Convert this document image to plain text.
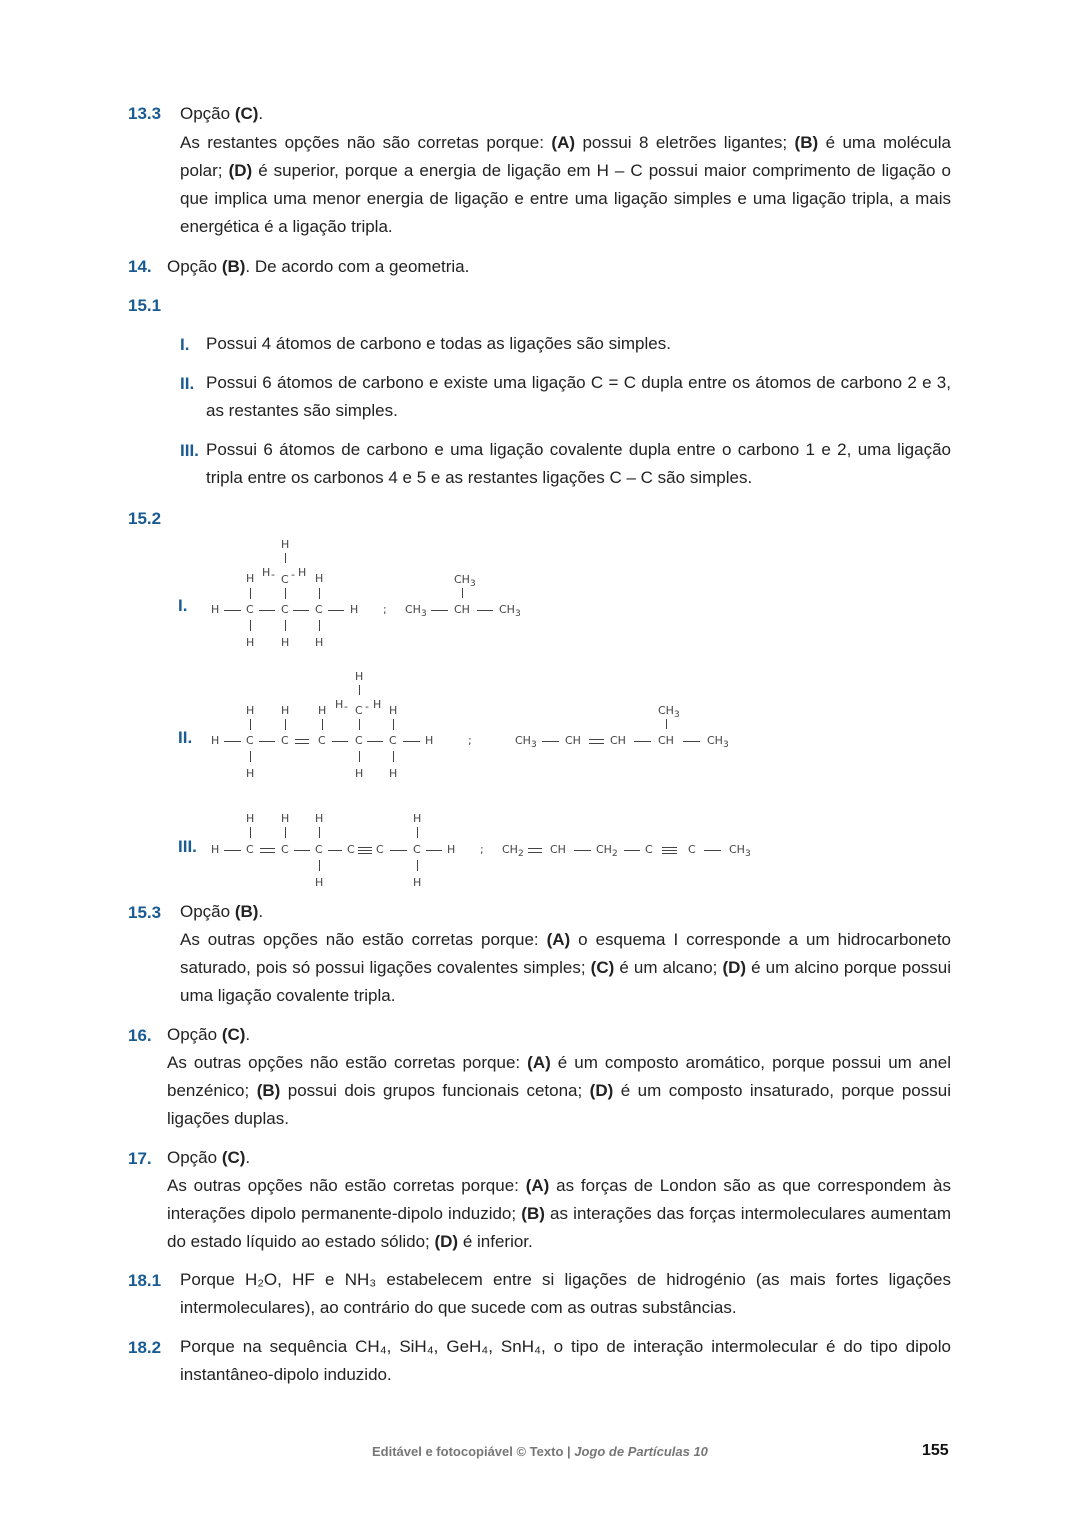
13.3 Opção (C).
As restantes opções não são corretas porque: (A) possui 8 eletrões ligantes; (B) é uma molécula polar; (D) é superior, porque a energia de ligação em H – C possui maior comprimento de ligação o que implica uma menor energia de ligação e entre uma ligação simples e uma ligação tripla, a mais energética é a ligação tripla.
14. Opção (B). De acordo com a geometria.
15.1
I. Possui 4 átomos de carbono e todas as ligações são simples.
II. Possui 6 átomos de carbono e existe uma ligação C = C dupla entre os átomos de carbono 2 e 3, as restantes são simples.
III. Possui 6 átomos de carbono e uma ligação covalente dupla entre o carbono 1 e 2, uma ligação tripla entre os carbonos 4 e 5 e as restantes ligações C – C são simples.
15.2
I.
H
H - C - H
H	H
H C C C H
H H H
;
$CH_3$
$CH_3$ CH	$CH_3$
II.
H
H - C - H
H H	H	H
H C C	C	C C	H
H	H H
;
$CH_3$
$CH_3$	CH	CH	CH	$CH_3$
III.
H H H	H
H C C C C C	C H
H	H
; $CH_2$ CH	$CH_2$ C	C	$CH_3$
15.3 Opção (B).
As outras opções não estão corretas porque: (A) o esquema I corresponde a um hidrocarboneto saturado, pois só possui ligações covalentes simples; (C) é um alcano; (D) é um alcino porque possui uma ligação covalente tripla.
16. Opção (C).
As outras opções não estão corretas porque: (A) é um composto aromático, porque possui um anel benzénico; (B) possui dois grupos funcionais cetona; (D) é um composto insaturado, porque possui ligações duplas.
17. Opção (C).
As outras opções não estão corretas porque: (A) as forças de London são as que correspondem às interações dipolo permanente-dipolo induzido; (B) as interações das forças intermoleculares aumentam do estado líquido ao estado sólido; (D) é inferior.
18.1 Porque H₂O, HF e NH₃ estabelecem entre si ligações de hidrogénio (as mais fortes ligações intermoleculares), ao contrário do que sucede com as outras substâncias.
18.2 Porque na sequência CH₄, SiH₄, GeH₄, SnH₄, o tipo de interação intermolecular é do tipo dipolo instantâneo-dipolo induzido.
Editável e fotocopiável © Texto | Jogo de Partículas 10	155
